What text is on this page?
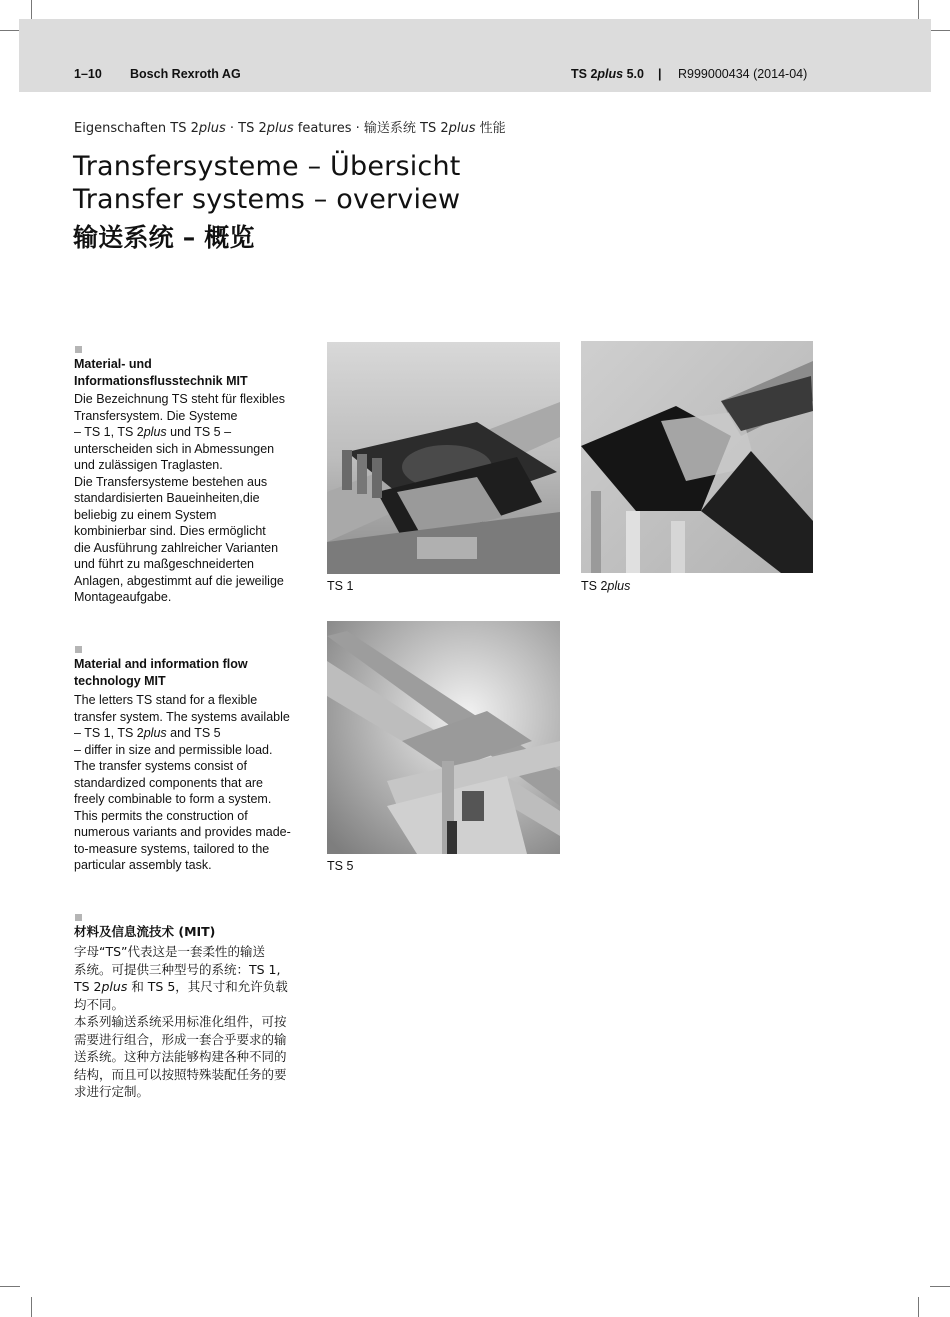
1–10 Bosch Rexroth AG	TS 2plus 5.0 | R999000434 (2014-04)
Eigenschaften TS 2plus · TS 2plus features · 输送系统 TS 2plus 性能
Transfersysteme – Übersicht
Transfer systems – overview
输送系统 – 概览
Material- und
Informationsflusstechnik MIT
Die Bezeichnung TS steht für flexibles
Transfersystem. Die Systeme
– TS 1, TS 2plus und TS 5 –
unterscheiden sich in Abmessungen
und zulässigen Traglasten.
Die Transfersysteme bestehen aus
standardisierten Baueinheiten,die
beliebig zu einem System
kombinierbar sind. Dies ermöglicht
die Ausführung zahlreicher Varianten
und führt zu maßgeschneiderten
Anlagen, abgestimmt auf die jeweilige
Montageaufgabe.
Material and information flow
technology MIT
The letters TS stand for a flexible
transfer system. The systems available
– TS 1, TS 2plus and TS 5
– differ in size and permissible load.
The transfer systems consist of
standardized components that are
freely combinable to form a system.
This permits the construction of
numerous variants and provides made-
to-measure systems, tailored to the
particular assembly task.
材料及信息流技术 (MIT)
字母“TS”代表这是一套柔性的输送
系统。可提供三种型号的系统：TS 1,
TS 2plus 和 TS 5，其尺寸和允许负载
均不同。
本系列输送系统采用标准化组件，可按
需要进行组合，形成一套合乎要求的输
送系统。这种方法能够构建各种不同的
结构，而且可以按照特殊装配任务的要
求进行定制。
TS 1	TS 2plus
TS 5
